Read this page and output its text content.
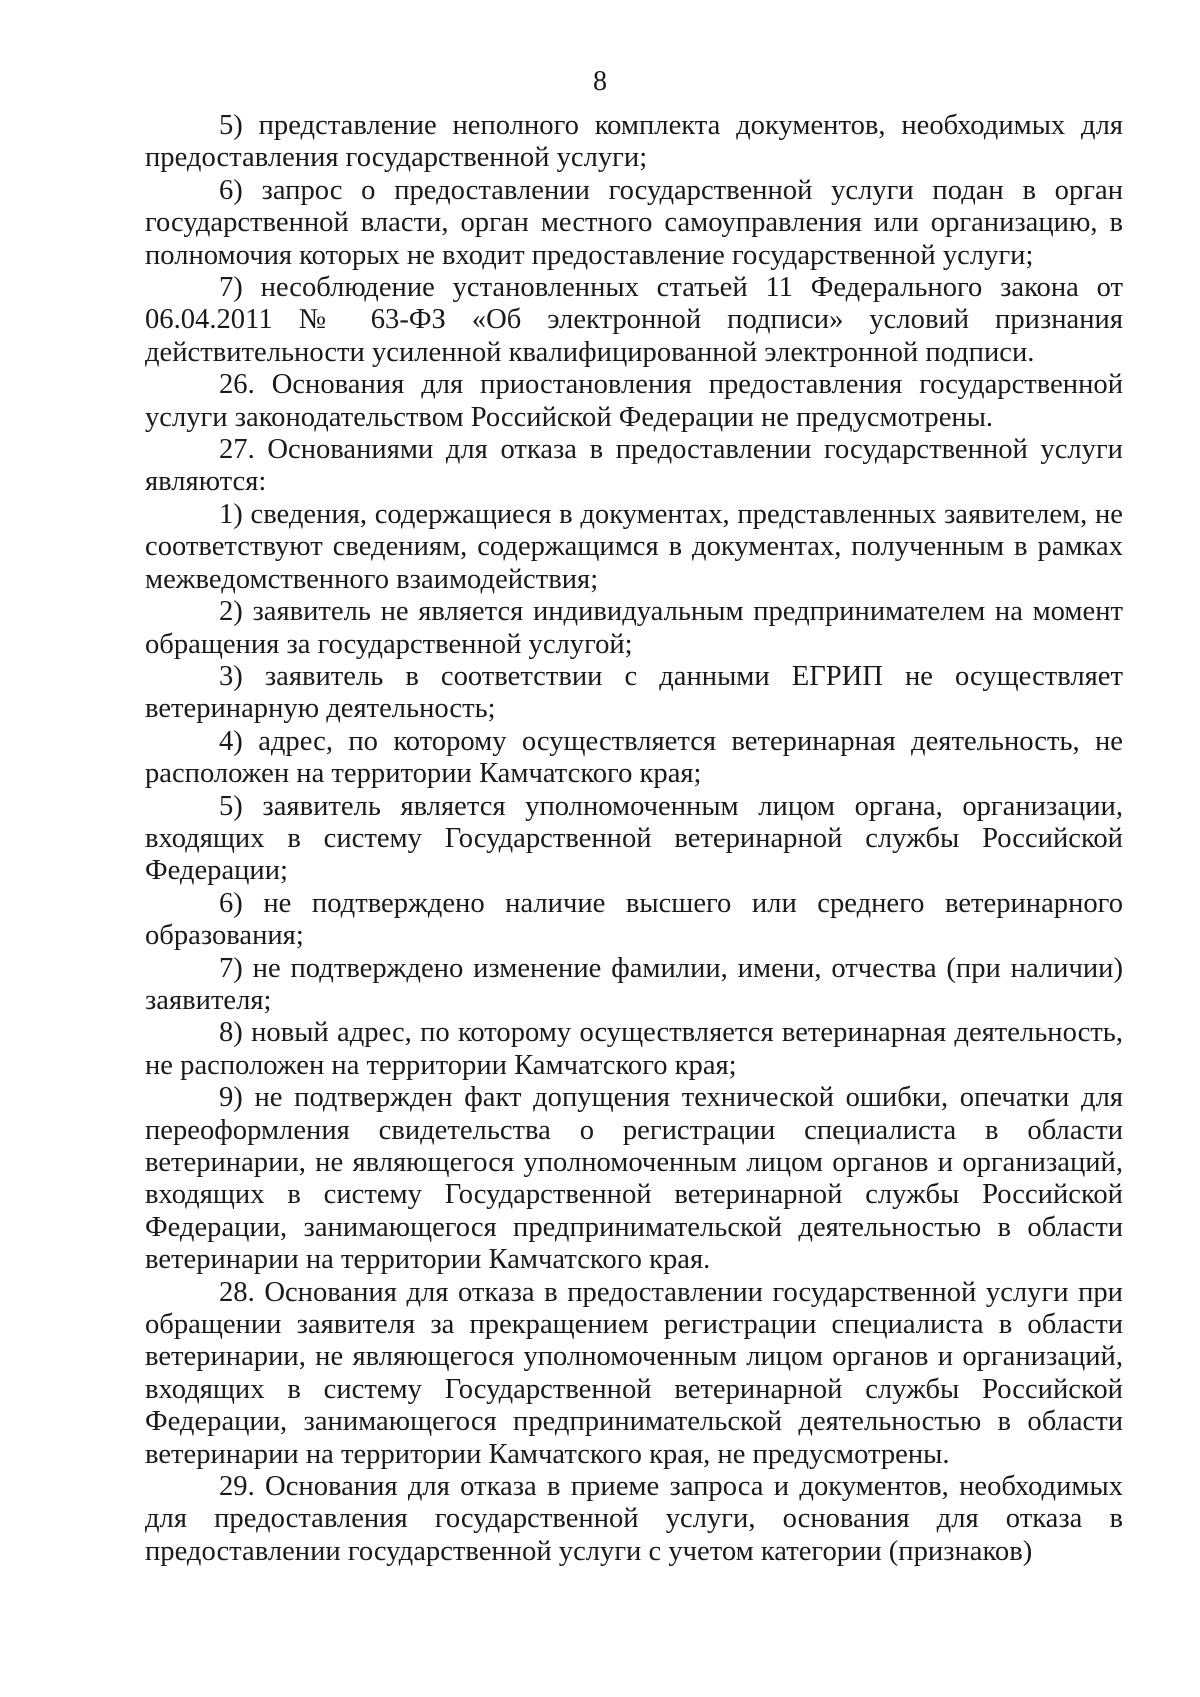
8

5) представление неполного комплекта документов, необходимых для предоставления государственной услуги;

6) запрос о предоставлении государственной услуги подан в орган государственной власти, орган местного самоуправления или организацию, в полномочия которых не входит предоставление государственной услуги;

7) несоблюдение установленных статьей 11 Федерального закона от 06.04.2011 № 63-ФЗ «Об электронной подписи» условий признания действительности усиленной квалифицированной электронной подписи.

26. Основания для приостановления предоставления государственной услуги законодательством Российской Федерации не предусмотрены.

27. Основаниями для отказа в предоставлении государственной услуги являются:

1) сведения, содержащиеся в документах, представленных заявителем, не соответствуют сведениям, содержащимся в документах, полученным в рамках межведомственного взаимодействия;

2) заявитель не является индивидуальным предпринимателем на момент обращения за государственной услугой;

3) заявитель в соответствии с данными ЕГРИП не осуществляет ветеринарную деятельность;

4) адрес, по которому осуществляется ветеринарная деятельность, не расположен на территории Камчатского края;

5) заявитель является уполномоченным лицом органа, организации, входящих в систему Государственной ветеринарной службы Российской Федерации;

6) не подтверждено наличие высшего или среднего ветеринарного образования;

7) не подтверждено изменение фамилии, имени, отчества (при наличии) заявителя;

8) новый адрес, по которому осуществляется ветеринарная деятельность, не расположен на территории Камчатского края;

9) не подтвержден факт допущения технической ошибки, опечатки для переоформления свидетельства о регистрации специалиста в области ветеринарии, не являющегося уполномоченным лицом органов и организаций, входящих в систему Государственной ветеринарной службы Российской Федерации, занимающегося предпринимательской деятельностью в области ветеринарии на территории Камчатского края.

28. Основания для отказа в предоставлении государственной услуги при обращении заявителя за прекращением регистрации специалиста в области ветеринарии, не являющегося уполномоченным лицом органов и организаций, входящих в систему Государственной ветеринарной службы Российской Федерации, занимающегося предпринимательской деятельностью в области ветеринарии на территории Камчатского края, не предусмотрены.

29. Основания для отказа в приеме запроса и документов, необходимых для предоставления государственной услуги, основания для отказа в предоставлении государственной услуги с учетом категории (признаков)
